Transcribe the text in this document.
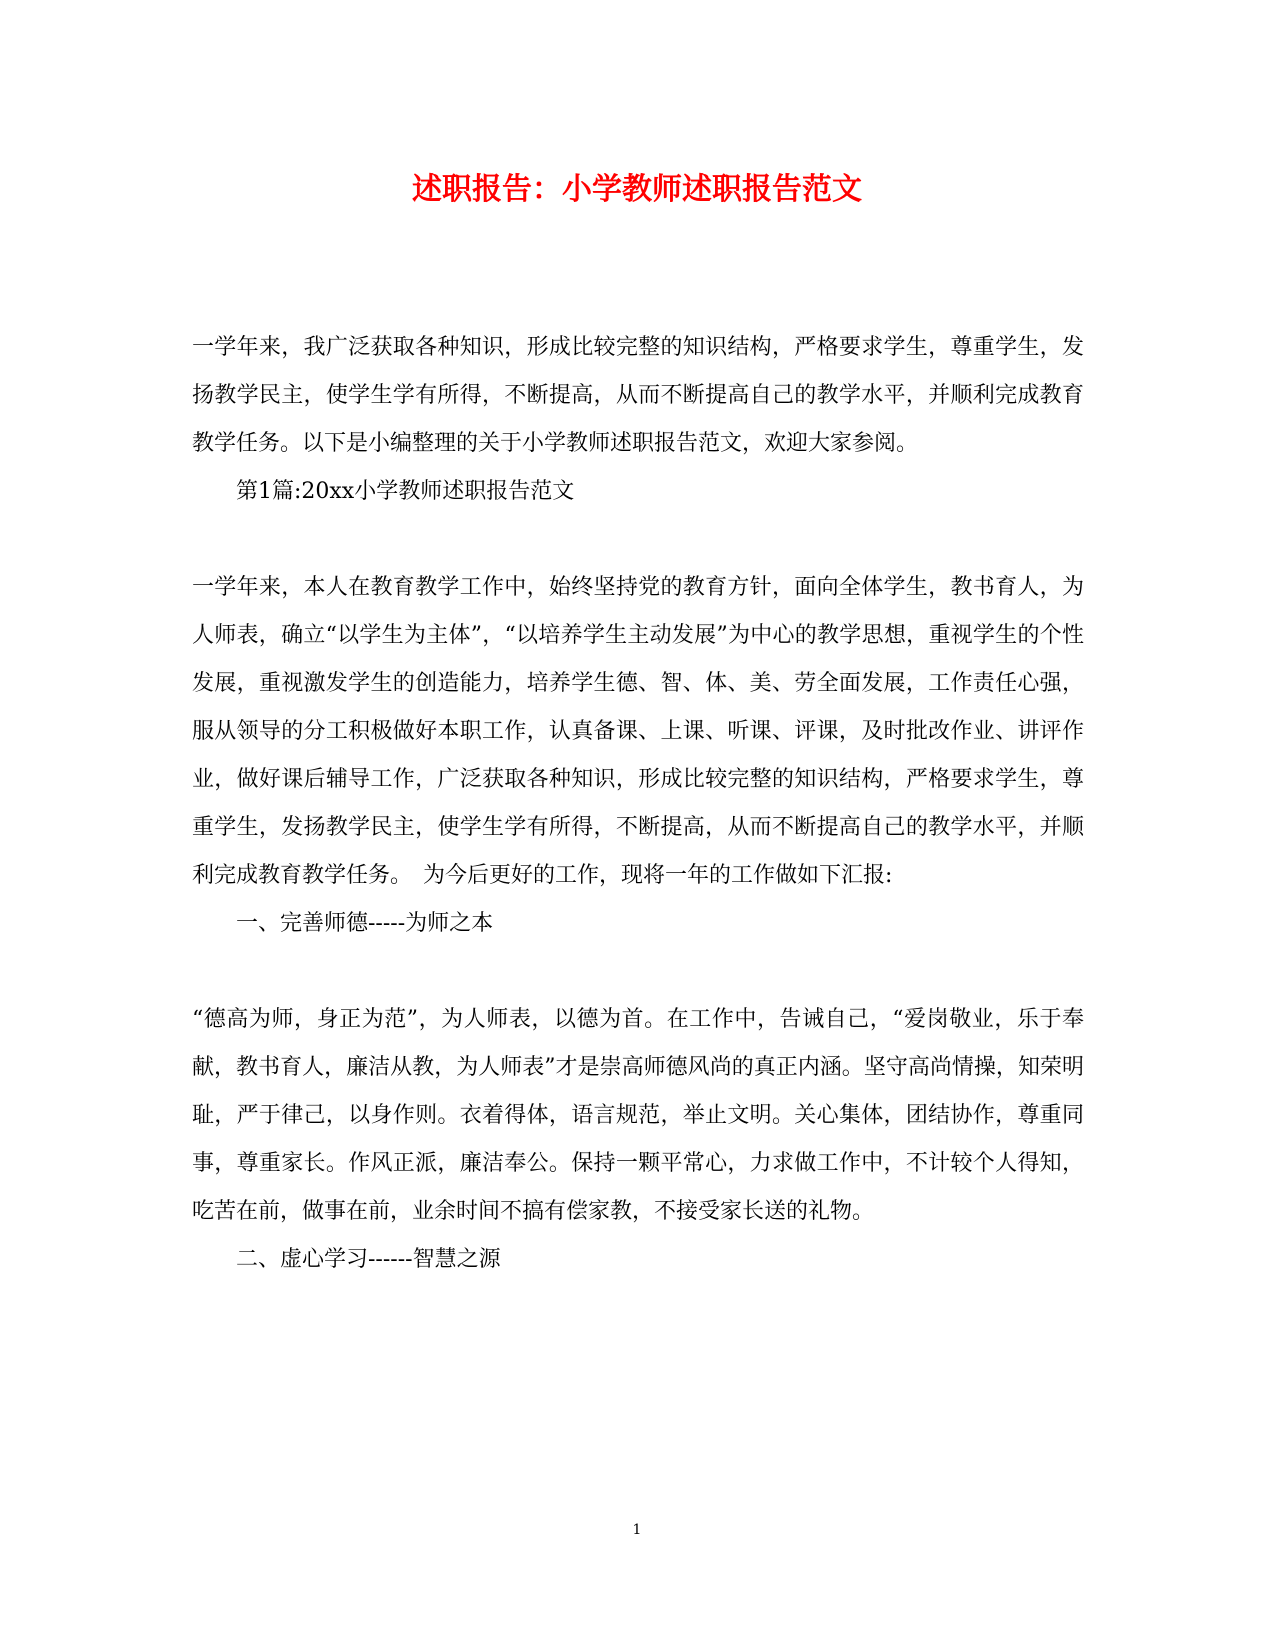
述职报告：小学教师述职报告范文

一学年来，我广泛获取各种知识，形成比较完整的知识结构，严格要求学生，尊重学生，发扬教学民主，使学生学有所得，不断提高，从而不断提高自己的教学水平，并顺利完成教育教学任务。以下是小编整理的关于小学教师述职报告范文，欢迎大家参阅。

第1篇:20xx小学教师述职报告范文

一学年来，本人在教育教学工作中，始终坚持党的教育方针，面向全体学生，教书育人，为人师表，确立“以学生为主体”，“以培养学生主动发展”为中心的教学思想，重视学生的个性发展，重视激发学生的创造能力，培养学生德、智、体、美、劳全面发展，工作责任心强，服从领导的分工积极做好本职工作，认真备课、上课、听课、评课，及时批改作业、讲评作业，做好课后辅导工作，广泛获取各种知识，形成比较完整的知识结构，严格要求学生，尊重学生，发扬教学民主，使学生学有所得，不断提高，从而不断提高自己的教学水平，并顺利完成教育教学任务。　为今后更好的工作，现将一年的工作做如下汇报:

一、完善师德-----为师之本

“德高为师，身正为范”，为人师表，以德为首。在工作中，告诫自己，“爱岗敬业，乐于奉献，教书育人，廉洁从教，为人师表”才是崇高师德风尚的真正内涵。坚守高尚情操，知荣明耻，严于律己，以身作则。衣着得体，语言规范，举止文明。关心集体，团结协作，尊重同事，尊重家长。作风正派，廉洁奉公。保持一颗平常心，力求做工作中，不计较个人得知，吃苦在前，做事在前，业余时间不搞有偿家教，不接受家长送的礼物。

二、虚心学习------智慧之源

1
